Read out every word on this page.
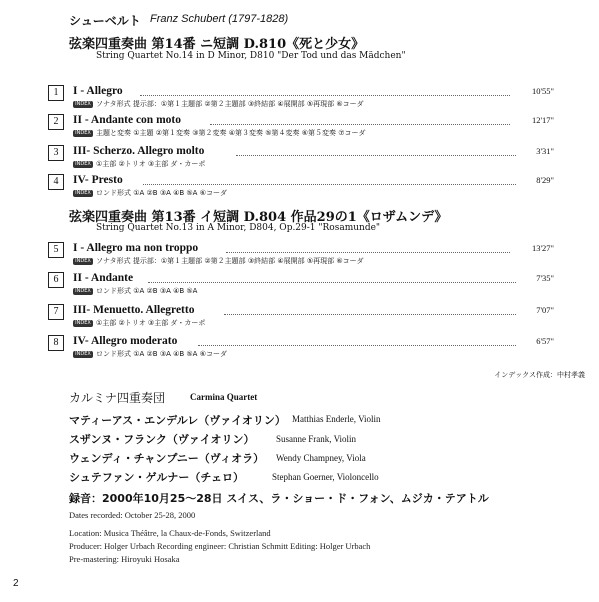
シューベルト Franz Schubert (1797-1828)
弦楽四重奏曲 第14番 ニ短調 D.810《死と少女》
String Quartet No.14 in D Minor, D810 "Der Tod und das Mädchen"
1	I - Allegro	10'55"
INDEX ソナタ形式 提示部：①第１主題部 ②第２主題部 ③終結部 ④展開部 ⑤再現部 ⑥コーダ
2	II - Andante con moto	12'17"
INDEX 主題と変奏 ①主題 ②第１変奏 ③第２変奏 ④第３変奏 ⑤第４変奏 ⑥第５変奏 ⑦コーダ
3	III- Scherzo. Allegro molto	3'31"
INDEX ①主部 ②トリオ ③主部 ダ・カーポ
4	IV- Presto	8'29"
INDEX ロンド形式 ①A ②B ③A ④B ⑤A ⑥コーダ
弦楽四重奏曲 第13番 イ短調 D.804 作品29の1《ロザムンデ》
String Quartet No.13 in A Minor, D804, Op.29-1 "Rosamunde"
5	I - Allegro ma non troppo	13'27"
INDEX ソナタ形式 提示部：①第１主題部 ②第２主題部 ③終結部 ④展開部 ⑤再現部 ⑥コーダ
6	II - Andante	7'35"
INDEX ロンド形式 ①A ②B ③A ④B ⑤A
7	III- Menuetto. Allegretto	7'07"
INDEX ①主部 ②トリオ ③主部 ダ・カーポ
8	IV- Allegro moderato	6'57"
INDEX ロンド形式 ①A ②B ③A ④B ⑤A ⑥コーダ
インデックス作成：中村孝義
カルミナ四重奏団	Carmina Quartet
マティーアス・エンデルレ（ヴァイオリン） Matthias Enderle, Violin
スザンヌ・フランク（ヴァイオリン） Susanne Frank, Violin
ウェンディ・チャンプニー（ヴィオラ） Wendy Champney, Viola
シュテファン・ゲルナー（チェロ）	Stephan Goerner, Violoncello
録音：2000年10月25～28日 スイス、ラ・ショー・ド・フォン、ムジカ・テアトル
Dates recorded: October 25-28, 2000
Location: Musica Théâtre, la Chaux-de-Fonds, Switzerland
Producer: Holger Urbach Recording engineer: Christian Schmitt Editing: Holger Urbach
Pre-mastering: Hiroyuki Hosaka
2
